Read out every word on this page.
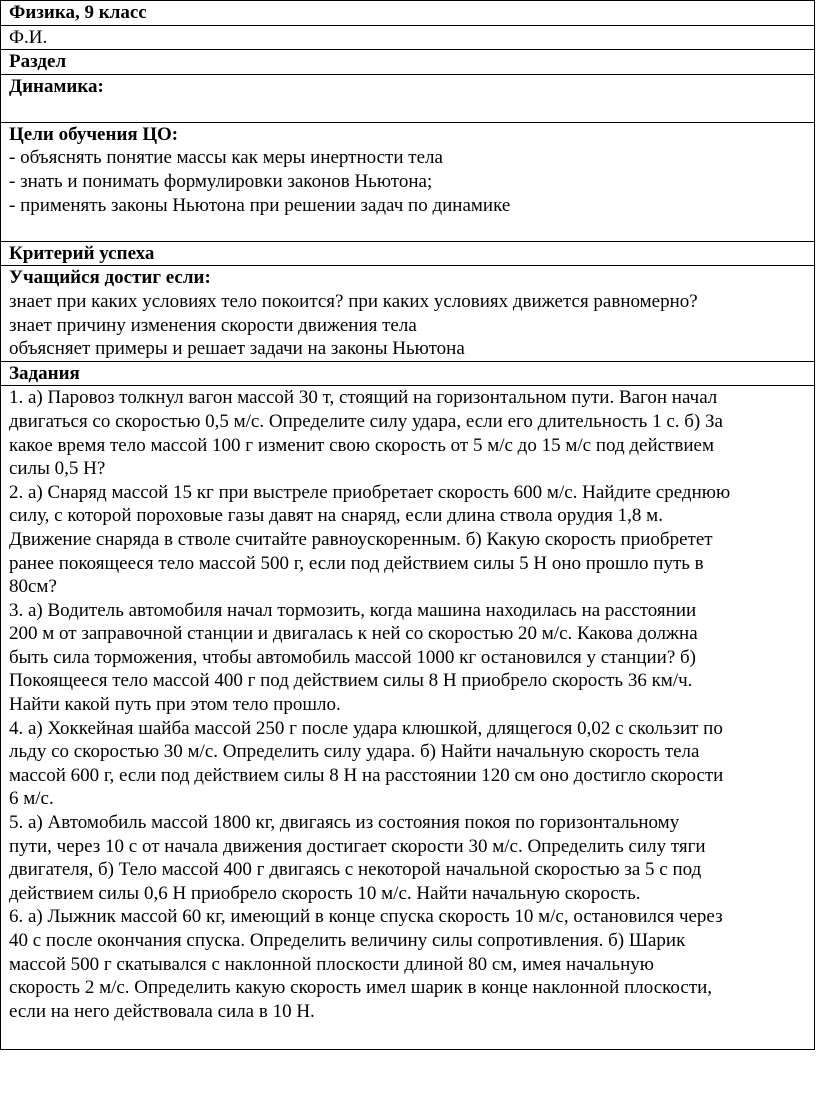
Физика, 9 класс
Ф.И.
Раздел

Динамика:

Цели обучения ЦО:
- объяснять понятие массы как меры инертности тела
- знать и понимать формулировки законов Ньютона;
- применять законы Ньютона при решении задач по динамике

Критерий успеха

Учащийся достиг если:
знает при каких условиях тело покоится? при каких условиях движется равномерно?
знает причину изменения скорости движения тела
объясняет примеры и решает задачи на законы Ньютона

Задания

1. а) Паровоз толкнул вагон массой 30 т, стоящий на горизонтальном пути. Вагон начал
двигаться со скоростью 0,5 м/с. Определите силу удара, если его длительность 1 с. б) За
какое время тело массой 100 г изменит свою скорость от 5 м/с до 15 м/с под действием
силы 0,5 Н?
2. а) Снаряд массой 15 кг при выстреле приобретает скорость 600 м/с. Найдите среднюю
силу, с которой пороховые газы давят на снаряд, если длина ствола орудия 1,8 м.
Движение снаряда в стволе считайте равноускоренным. б) Какую скорость приобретет
ранее покоящееся тело массой 500 г, если под действием силы 5 Н оно прошло путь в
80см?
3. а) Водитель автомобиля начал тормозить, когда машина находилась на расстоянии
200 м от заправочной станции и двигалась к ней со скоростью 20 м/с. Какова должна
быть сила торможения, чтобы автомобиль массой 1000 кг остановился у станции? б)
Покоящееся тело массой 400 г под действием силы 8 Н приобрело скорость 36 км/ч.
Найти какой путь при этом тело прошло.
4. а) Хоккейная шайба массой 250 г после удара клюшкой, длящегося 0,02 с скользит по
льду со скоростью 30 м/с. Определить силу удара. б) Найти начальную скорость тела
массой 600 г, если под действием силы 8 Н на расстоянии 120 см оно достигло скорости
6 м/с.
5. а) Автомобиль массой 1800 кг, двигаясь из состояния покоя по горизонтальному
пути, через 10 с от начала движения достигает скорости 30 м/с. Определить силу тяги
двигателя, б) Тело массой 400 г двигаясь с некоторой начальной скоростью за 5 с под
действием силы 0,6 Н приобрело скорость 10 м/с. Найти начальную скорость.
6. а) Лыжник массой 60 кг, имеющий в конце спуска скорость 10 м/с, остановился через
40 с после окончания спуска. Определить величину силы сопротивления. б) Шарик
массой 500 г скатывался с наклонной плоскости длиной 80 см, имея начальную
скорость 2 м/с. Определить какую скорость имел шарик в конце наклонной плоскости,
если на него действовала сила в 10 Н.
